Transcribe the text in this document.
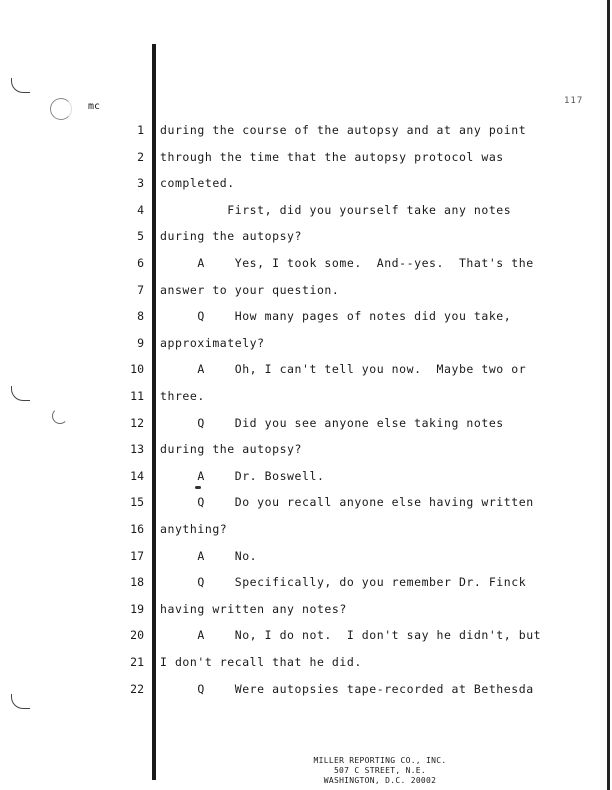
mc	117
1 during the course of the autopsy and at any point
2 through the time that the autopsy protocol was
3 completed.
4 First, did you yourself take any notes
5 during the autopsy?
6 A    Yes, I took some.  And--yes.  That's the
7 answer to your question.
8 Q    How many pages of notes did you take,
9 approximately?
10 A    Oh, I can't tell you now.  Maybe two or
11 three.
12 Q    Did you see anyone else taking notes
13 during the autopsy?
14 A    Dr. Boswell.
15 Q    Do you recall anyone else having written
16 anything?
17 A    No.
18 Q    Specifically, do you remember Dr. Finck
19 having written any notes?
20 A    No, I do not.  I don't say he didn't, but
21 I don't recall that he did.
22 Q    Were autopsies tape-recorded at Bethesda
MILLER REPORTING CO., INC.
507 C STREET, N.E.
WASHINGTON, D.C. 20002
